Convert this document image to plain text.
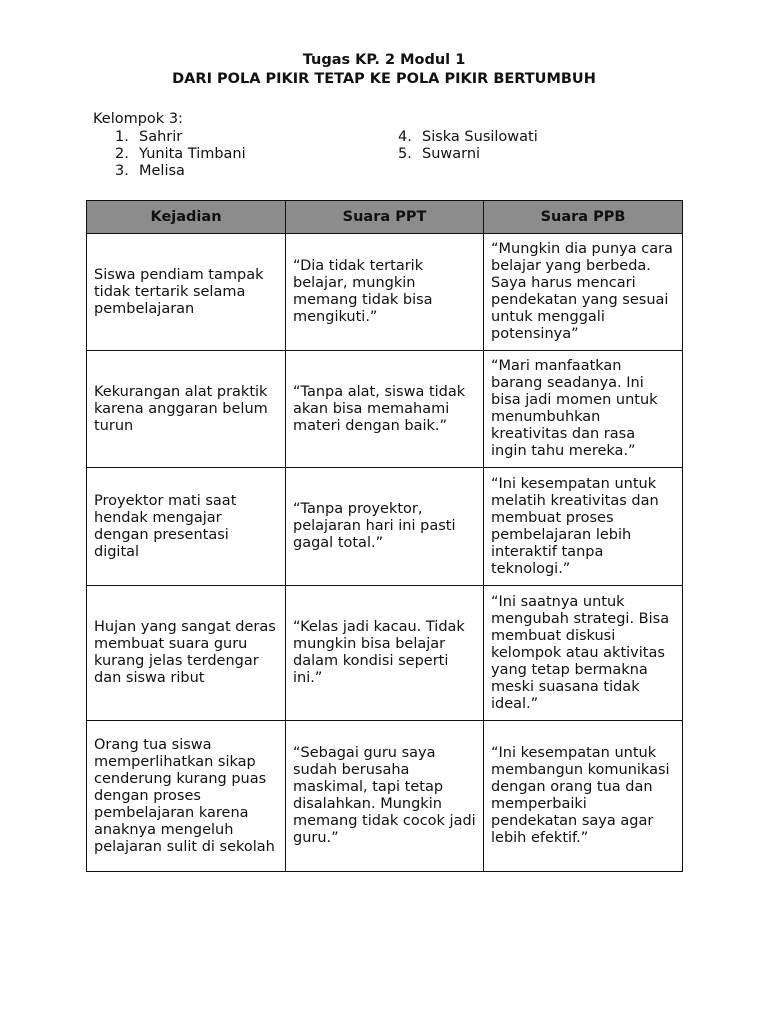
Tugas KP. 2 Modul 1
DARI POLA PIKIR TETAP KE POLA PIKIR BERTUMBUH
Kelompok 3:
1. Sahrir
2. Yunita Timbani
3. Melisa
4. Siska Susilowati
5. Suwarni
Kejadian	Suara PPT	Suara PPB
Siswa pendiam tampak tidak tertarik selama pembelajaran	“Dia tidak tertarik belajar, mungkin memang tidak bisa mengikuti.”	“Mungkin dia punya cara belajar yang berbeda. Saya harus mencari pendekatan yang sesuai untuk menggali potensinya”
Kekurangan alat praktik karena anggaran belum turun	“Tanpa alat, siswa tidak akan bisa memahami materi dengan baik.”	“Mari manfaatkan barang seadanya. Ini bisa jadi momen untuk menumbuhkan kreativitas dan rasa ingin tahu mereka.”
Proyektor mati saat hendak mengajar dengan presentasi digital	“Tanpa proyektor, pelajaran hari ini pasti gagal total.”	“Ini kesempatan untuk melatih kreativitas dan membuat proses pembelajaran lebih interaktif tanpa teknologi.”
Hujan yang sangat deras membuat suara guru kurang jelas terdengar dan siswa ribut	“Kelas jadi kacau. Tidak mungkin bisa belajar dalam kondisi seperti ini.”	“Ini saatnya untuk mengubah strategi. Bisa membuat diskusi kelompok atau aktivitas yang tetap bermakna meski suasana tidak ideal.”
Orang tua siswa memperlihatkan sikap cenderung kurang puas dengan proses pembelajaran karena anaknya mengeluh pelajaran sulit di sekolah	“Sebagai guru saya sudah berusaha maskimal, tapi tetap disalahkan. Mungkin memang tidak cocok jadi guru.”	“Ini kesempatan untuk membangun komunikasi dengan orang tua dan memperbaiki pendekatan saya agar lebih efektif.”
